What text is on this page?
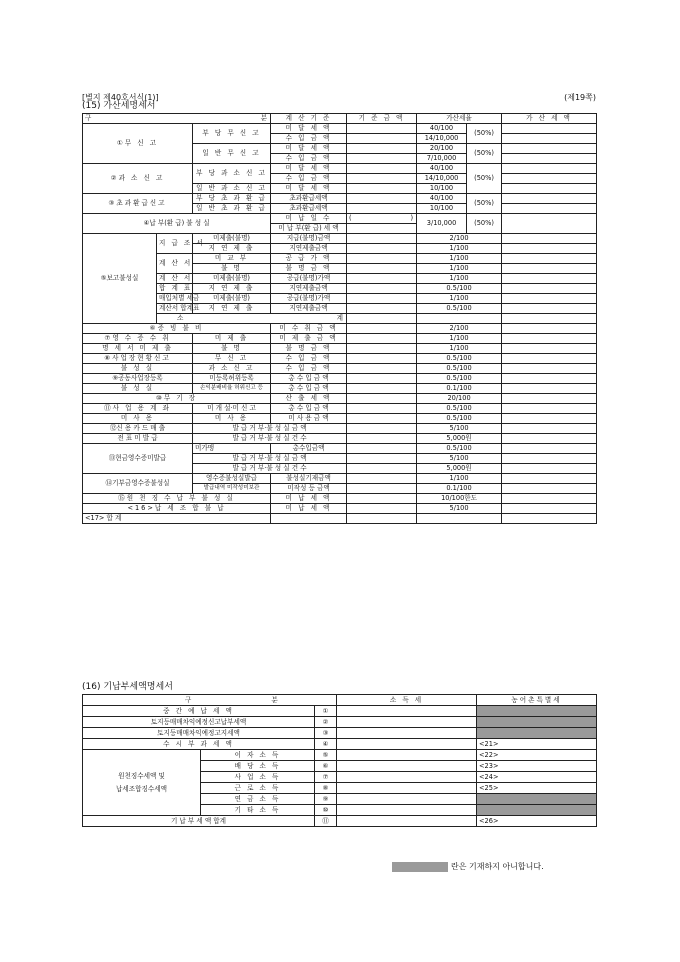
[별지 제40호서식(1)]	(제19쪽)
(15) 가산세명세서
구 분			계 산 기 준	기 준 금 액	가산세율		가 산 세 액
①무 신 고		부 당 무 신 고	미 달 세 액		40/100	(50%)	
			수 입 금 액		14/10,000		
		일 반 무 신 고	미 달 세 액		20/100	(50%)	
			수 입 금 액		7/10,000		
②과 소 신 고		부 당 과 소 신 고	미 달 세 액		40/100	(50%)	
			수 입 금 액		14/10,000		
		일 반 과 소 신 고	미 달 세 액		10/100		
③초과환급신고		부 당 초 과 환 급	초과환급세액		40/100	(50%)	
		일 반 초 과 환 급	초과환급세액		10/100		
④납 부(환 급) 불 성 실			미 납 일 수	( )	3/10,000	(50%)	
			미 납 부(환 급) 세 액				
⑤보고불성실	지 급 조 서	미제출(불명)	지급(불명)금액		2/100		
		지 연 제 출	지연제출금액		1/100		
	계 산 서	미 교 부	공 급 가 액		1/100		
		불 명	불 명 금 액		1/100		
	계 산 서	미제출(불명)	공급(불명)가액		1/100		
	합 계 표	지 연 제 출	지연제출금액		0.5/100		
	매입처별 세금	미제출(불명)	공급(불명)가액		1/100		
	계산서 합계표	지 연 제 출	지연제출금액		0.5/100		
	소 계						

⑥증 빙 불 비			미 수 취 금 액		2/100		
⑦영 수 증 수 취		미 제 출	미 제 출 금 액		1/100		
명 세 서 미 제 출		불 명	불 명 금 액		1/100		
⑧사업장현황신고		무 신 고	수 입 금 액		0.5/100		
불 성 실		과 소 신 고	수 입 금 액		0.5/100		
⑨공동사업장등록		미등록허위등록	총 수 입 금 액		0.5/100		
불 성 실		손익분배비율 허위신고 등	총 수 입 금 액		0.1/100		
⑩무 기 장			산 출 세 액		20/100		
⑪사 업 용 계 좌		미 개 설·미 신 고	총 수 입 금 액		0.5/100		
미 사 용		미 사 용	미 사 용 금 액		0.5/100		
⑫신 용 카 드 매 출		발 급 거 부·불 성 실 금 액			5/100		
전 표 미 발 급		발 급 거 부·불 성 실 건 수			5,000원		
⑬현금영수증미발급		미가맹	총수입금액		0.5/100		
		발 급 거 부·불 성 실 금 액			5/100		
		발 급 거 부·불 성 실 건 수			5,000원		
⑭기부금영수증불성실		영수증불성실발급	불성실기재금액		1/100		
		발급내역 미작성미보관	미작성 등 금액		0.1/100		
⑮원 천 징 수 납 부 불 성 실			미 납 세 액		10/100한도		
<16>납 세 조 합 불 납			미 납 세 액		5/100		
<17> 합 계							
(16) 기납부세액명세서
구 분			소 득 세	농어촌특별세
중 간 예 납 세 액		①		
토지등매매차익예정신고납부세액		②		
토지등매매차익예정고지세액		③		
수 시 부 과 세 액		④		<21>
원천징수세액 및
납세조합징수세액	이 자 소 득	⑤		<22>
	배 당 소 득	⑥		<23>
	사 업 소 득	⑦		<24>
	근 로 소 득	⑧		<25>
	연 금 소 득	⑨		
	기 타 소 득	⑩		
기 납 부 세 액 합계		⑪		<26>
란은 기재하지 아니합니다.
